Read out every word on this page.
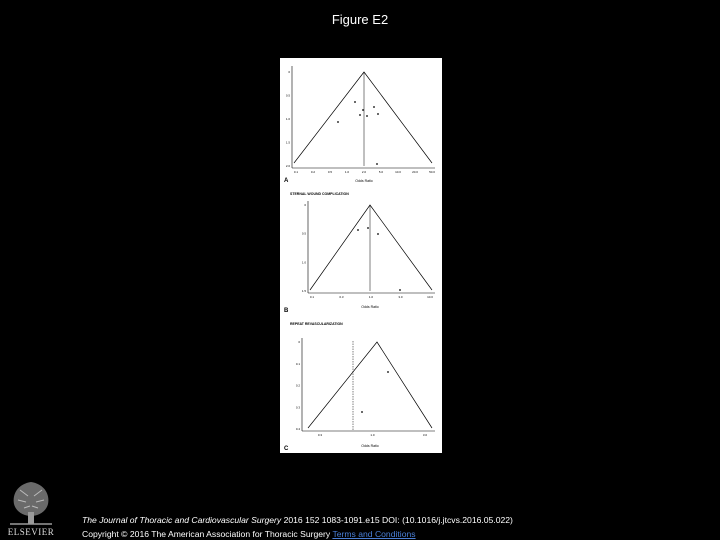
Figure E2
A	Odds Ratio
0.1	0.2	0.5	1.0	2.0	5.0	10.0	20.0	50.0
0
0.5
1.0
1.5
2.0
STERNAL WOUND COMPLICATION
B
Odds Ratio
0.1	0.3	1.0	3.0	10.0
0
0.5
1.0
1.5
REPEAT REVASCULARIZATION
C	Odds Ratio
0.3	1.0	3.0
0
0.1
0.2
0.3
0.4
ELSEVIER
The Journal of Thoracic and Cardiovascular Surgery 2016 152 1083-1091.e15 DOI: (10.1016/j.jtcvs.2016.05.022)
Copyright © 2016 The American Association for Thoracic Surgery Terms and Conditions
